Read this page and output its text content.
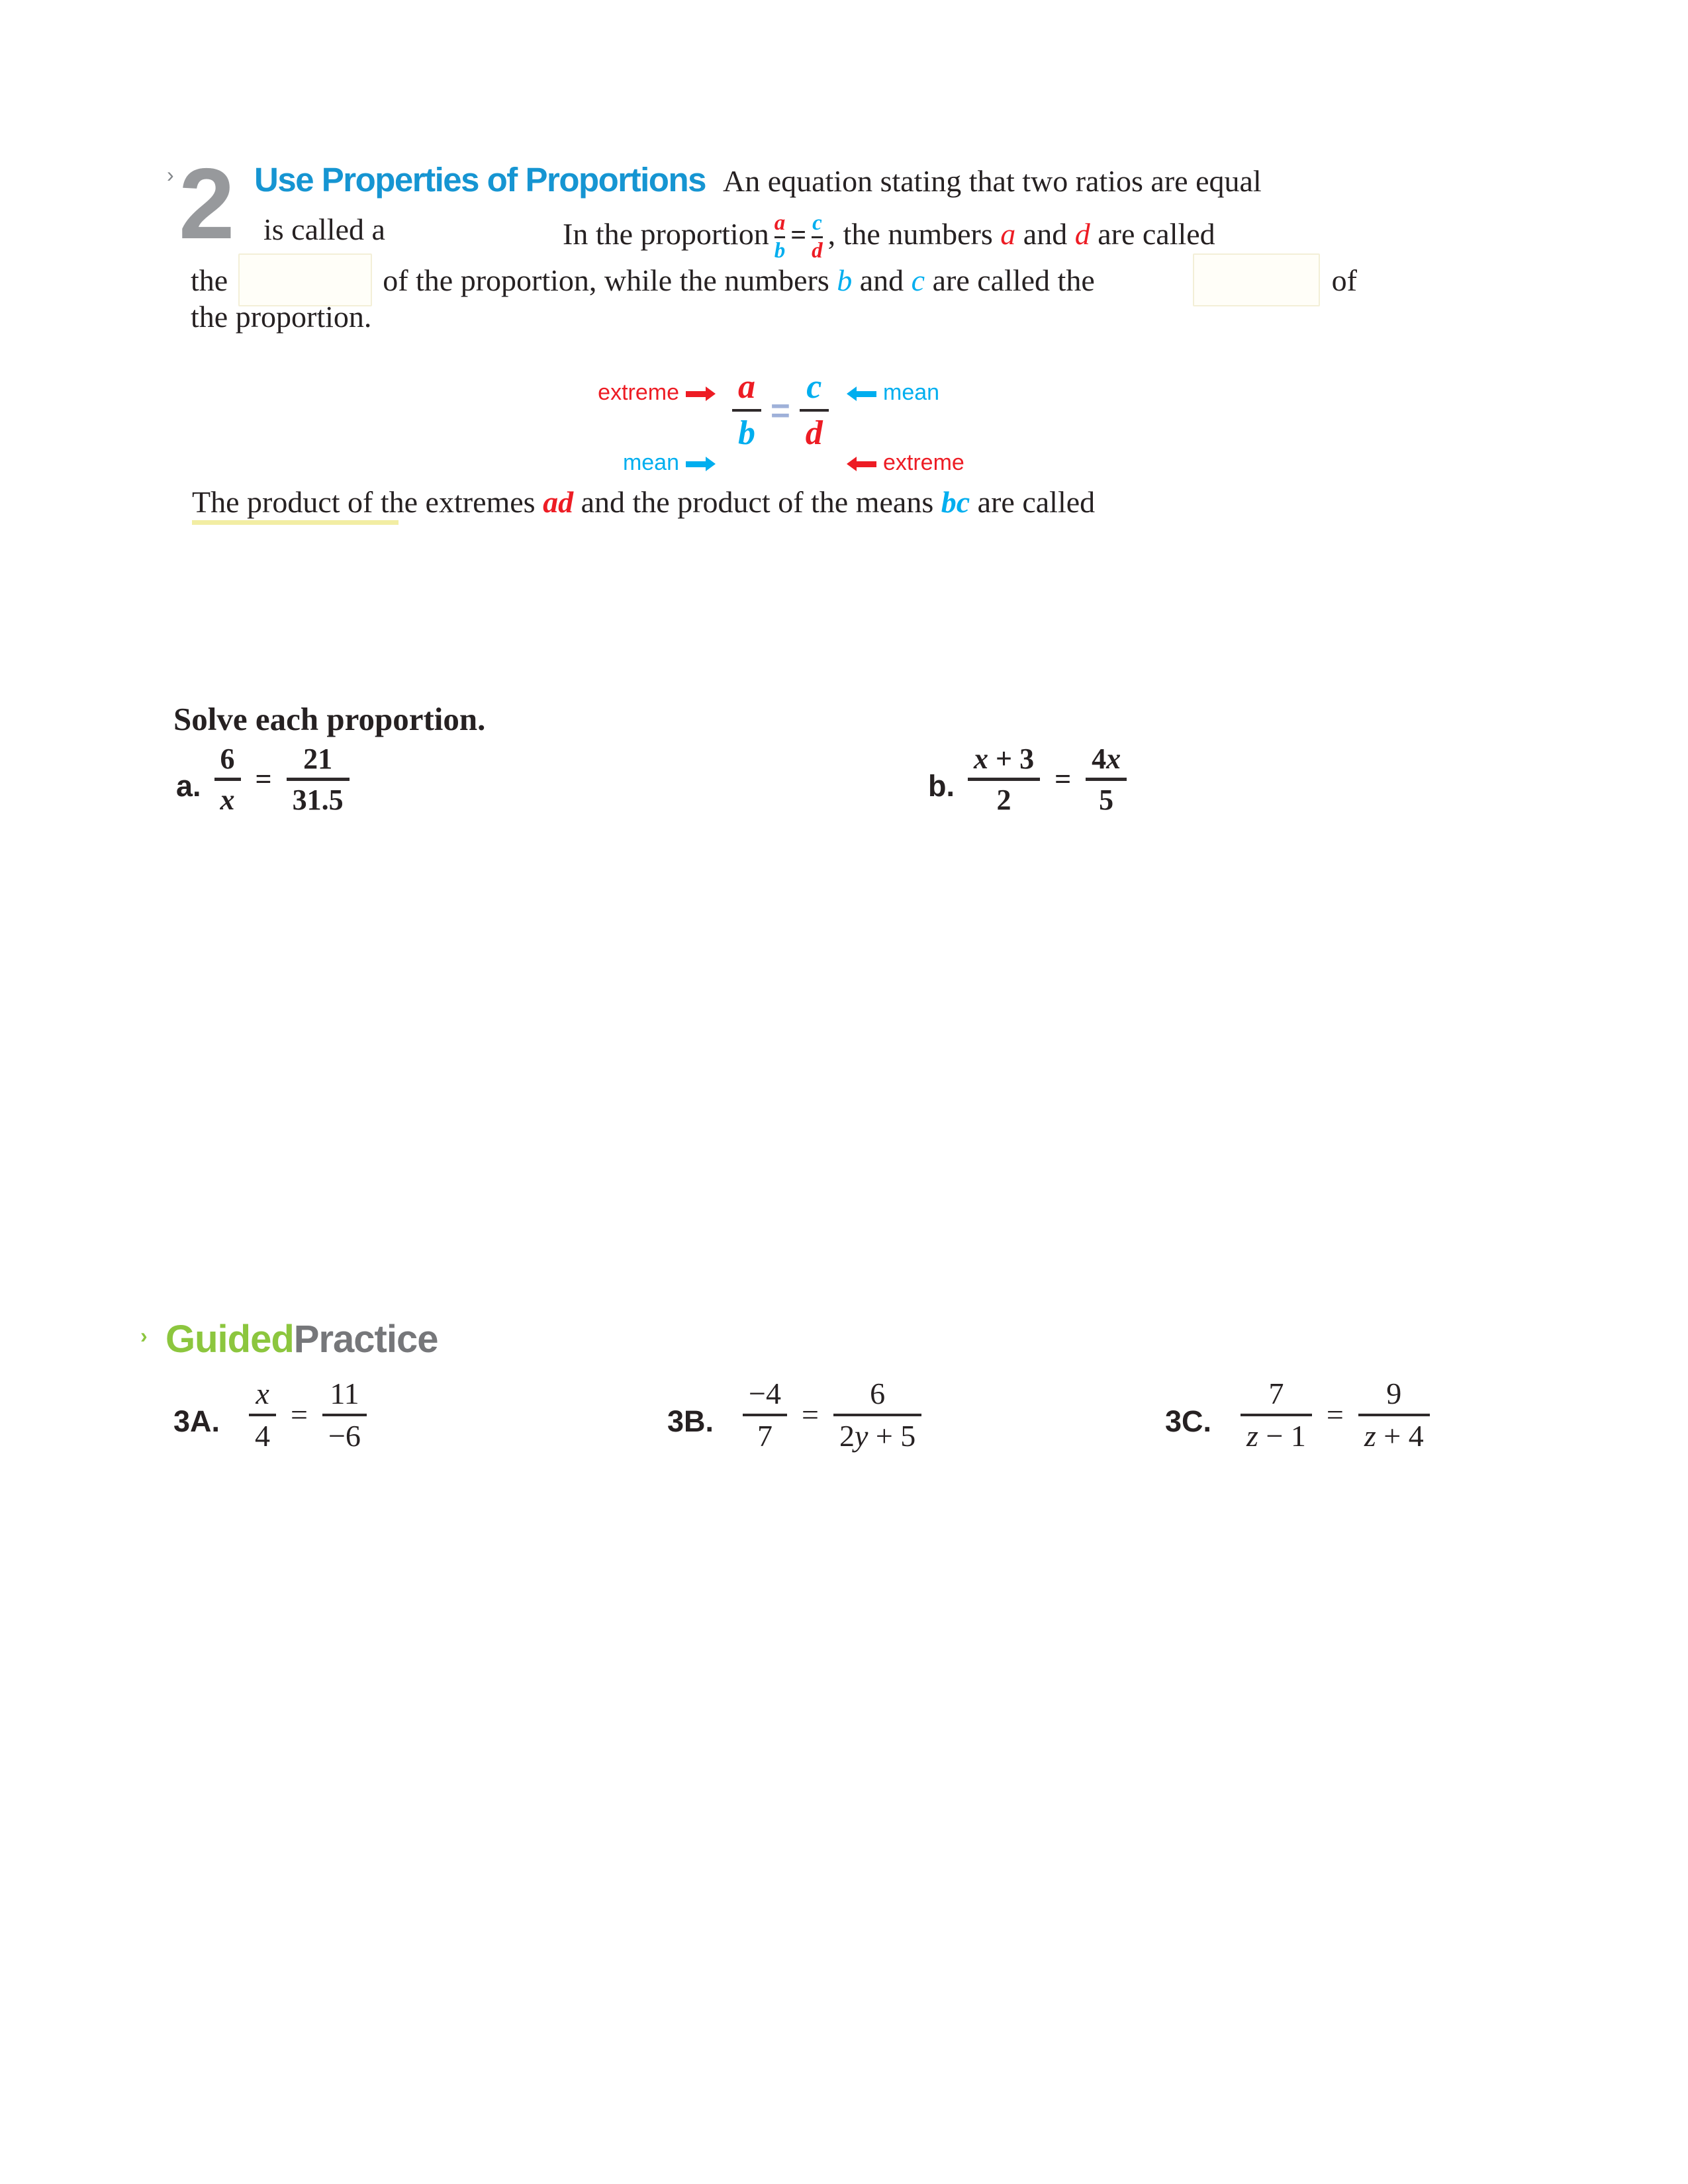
› 2 Use Properties of Proportions An equation stating that two ratios are equal
is called a	In the proportion $\frac{a}{b} = \frac{c}{d}$ , the numbers a and d are called
the	of the proportion, while the numbers b and c are called the	of
the proportion.
extreme	mean
mean	extreme
$\frac{a}{b} = \frac{c}{d}$
The product of the extremes ad and the product of the means bc are called
Solve each proportion.
a.
6
x
=
21
31.5	b.
x + 3
2
=
4x
5
› GuidedPractice
3A. $\frac{x}{4} = \frac{11}{-6}$	3B. $\frac{-4}{7} = \frac{6}{2y + 5}$	3C. $\frac{7}{z - 1} = \frac{9}{z + 4}$
